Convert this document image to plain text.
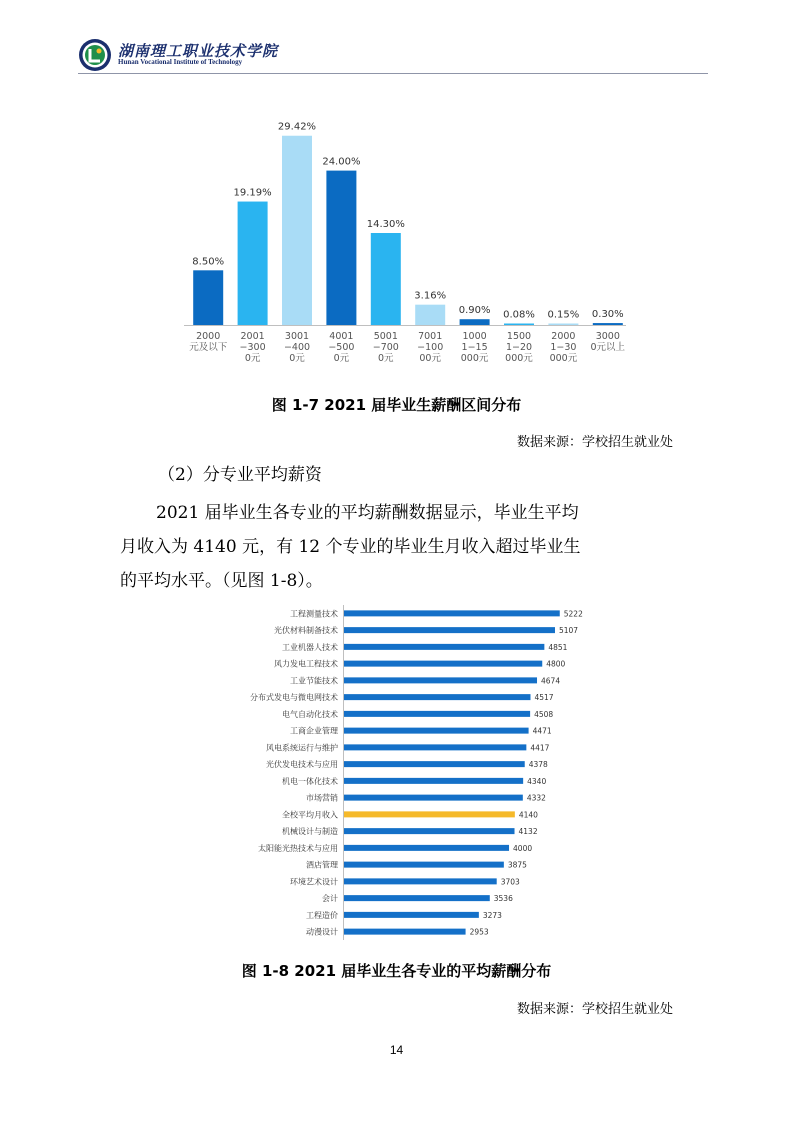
湖南理工职业技术学院
Hunan Vocational Institute of Technology
8.50%
2000
元及以下
19.19%
2001
−300
0元
29.42%
3001
−400
0元
24.00%
4001
−500
0元
14.30%
5001
−700
0元
3.16%
7001
−100
00元
0.90%
1000
1−15
000元
0.08%
1500
1−20
000元
0.15%
2000
1−30
000元
0.30%
3000
0元以上
图 1-7 2021 届毕业生薪酬区间分布
数据来源：学校招生就业处
（2）分专业平均薪资
2021 届毕业生各专业的平均薪酬数据显示，毕业生平均
月收入为 4140 元，有 12 个专业的毕业生月收入超过毕业生
的平均水平。（见图 1-8）。
工程测量技术	5222
光伏材料制备技术	5107
工业机器人技术	4851
风力发电工程技术	4800
工业节能技术	4674
分布式发电与微电网技术	4517
电气自动化技术	4508
工商企业管理	4471
风电系统运行与维护	4417
光伏发电技术与应用	4378
机电一体化技术	4340
市场营销	4332
全校平均月收入	4140
机械设计与制造	4132
太阳能光热技术与应用	4000
酒店管理	3875
环境艺术设计	3703
会计	3536
工程造价	3273
动漫设计	2953
图 1-8 2021 届毕业生各专业的平均薪酬分布
数据来源：学校招生就业处
14
